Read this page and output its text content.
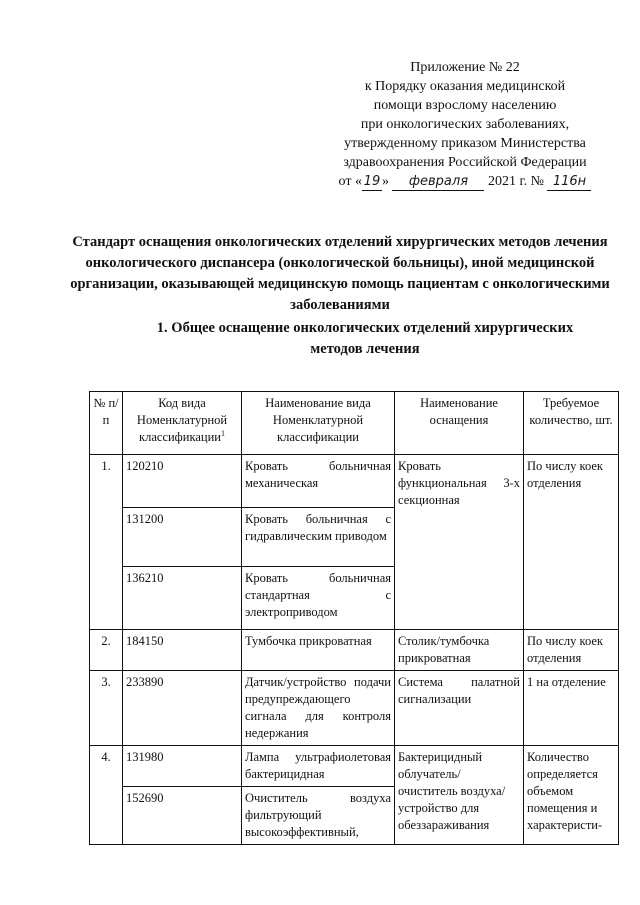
Приложение № 22
к Порядку оказания медицинской
помощи взрослому населению
при онкологических заболеваниях,
утвержденному приказом Министерства
здравоохранения Российской Федерации
от « 19 » февраля 2021 г. № 116н
Стандарт оснащения онкологических отделений хирургических методов лечения онкологического диспансера (онкологической больницы), иной медицинской организации, оказывающей медицинскую помощь пациентам с онкологическими заболеваниями
1. Общее оснащение онкологических отделений хирургических методов лечения
№ п/п	Код вида Номенклатурной классификации$^1$	Наименование вида Номенклатурной классификации	Наименование оснащения	Требуемое количество, шт.
1.	120210	Кровать больничная механическая	Кровать функциональная 3-х секционная	По числу коек отделения
	131200	Кровать больничная с гидравлическим приводом		
	136210	Кровать больничная стандартная с электроприводом		
2.	184150	Тумбочка прикроватная	Столик/тумбочка прикроватная	По числу коек отделения
3.	233890	Датчик/устройство подачи предупреждающего сигнала для контроля недержания	Система палатной сигнализации	1 на отделение
4.	131980	Лампа ультрафиолетовая бактерицидная	Бактерицидный облучатель/ очиститель воздуха/ устройство для обеззараживания	Количество определяется объемом помещения и характеристи-
	152690	Очиститель воздуха фильтрующий высокоэффективный,		
